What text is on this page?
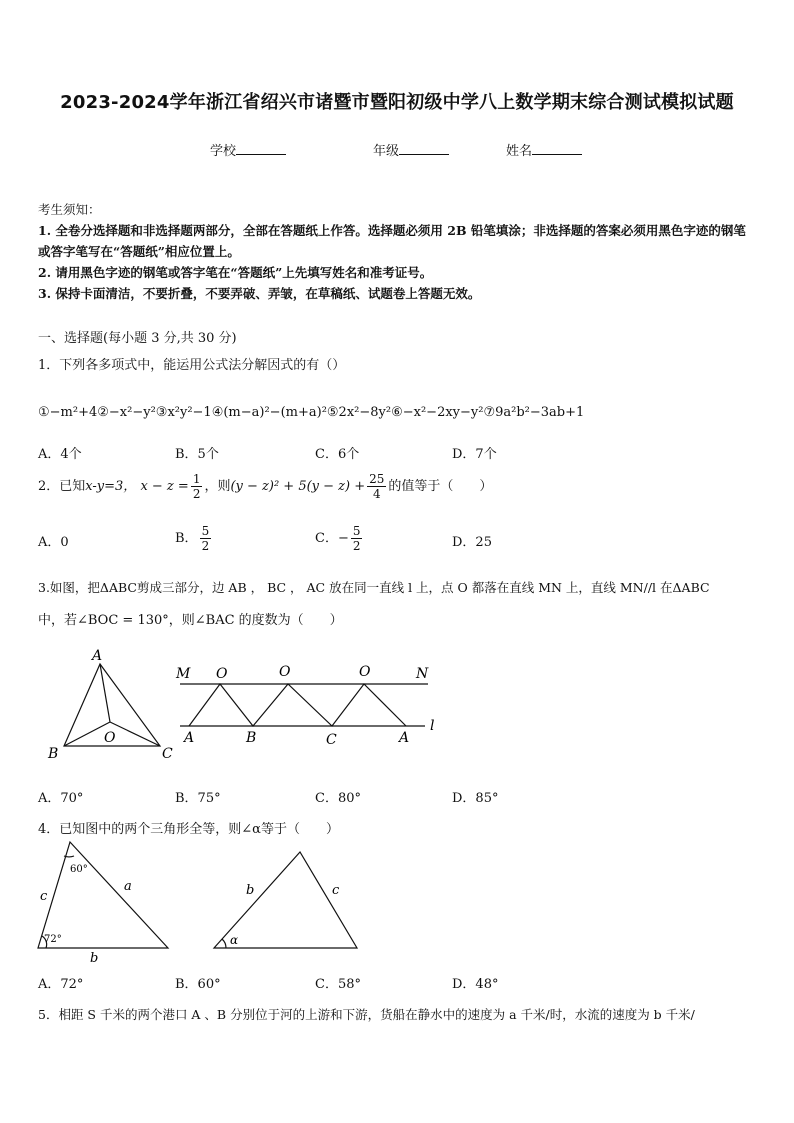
2023-2024学年浙江省绍兴市诸暨市暨阳初级中学八上数学期末综合测试模拟试题
学校	年级	姓名
考生须知：
1. 全卷分选择题和非选择题两部分，全部在答题纸上作答。选择题必须用 2B 铅笔填涂；非选择题的答案必须用黑色字迹的钢笔或答字笔写在“答题纸”相应位置上。
2. 请用黑色字迹的钢笔或答字笔在“答题纸”上先填写姓名和准考证号。
3. 保持卡面清洁，不要折叠，不要弄破、弄皱，在草稿纸、试题卷上答题无效。
一、选择题(每小题 3 分,共 30 分)
1．下列各多项式中，能运用公式法分解因式的有（）
①−m²+4②−x²−y²③x²y²−1④(m−a)²−(m+a)²⑤2x²−8y²⑥−x²−2xy−y²⑦9a²b²−3ab+1
A．4个	B．5个	C．6个	D．7个
2．已知x-y=3， $x - z = \frac{1}{2}$ ，则$(y - z)^2 + 5(y - z) + \frac{25}{4}$ 的值等于（　　）
A．0	B． $\frac{5}{2}$	C．− $\frac{5}{2}$	D．25
3.如图，把ΔABC剪成三部分，边 AB ， BC ， AC 放在同一直线 l 上，点 O 都落在直线 MN 上，直线 MN//l 在ΔABC
中，若∠BOC = 130°，则∠BAC 的度数为（　　）
A
B	C
O
M	N
l
O	O	O
A	B	C	A
A．70°	B．75°	C．80°	D．85°
4．已知图中的两个三角形全等，则∠α等于（　　）
60°
72°
a
c
b
b	c
α
A．72°	B．60°	C．58°	D．48°
5．相距 S 千米的两个港口 A 、B 分别位于河的上游和下游，货船在静水中的速度为 a 千米/时，水流的速度为 b 千米/
